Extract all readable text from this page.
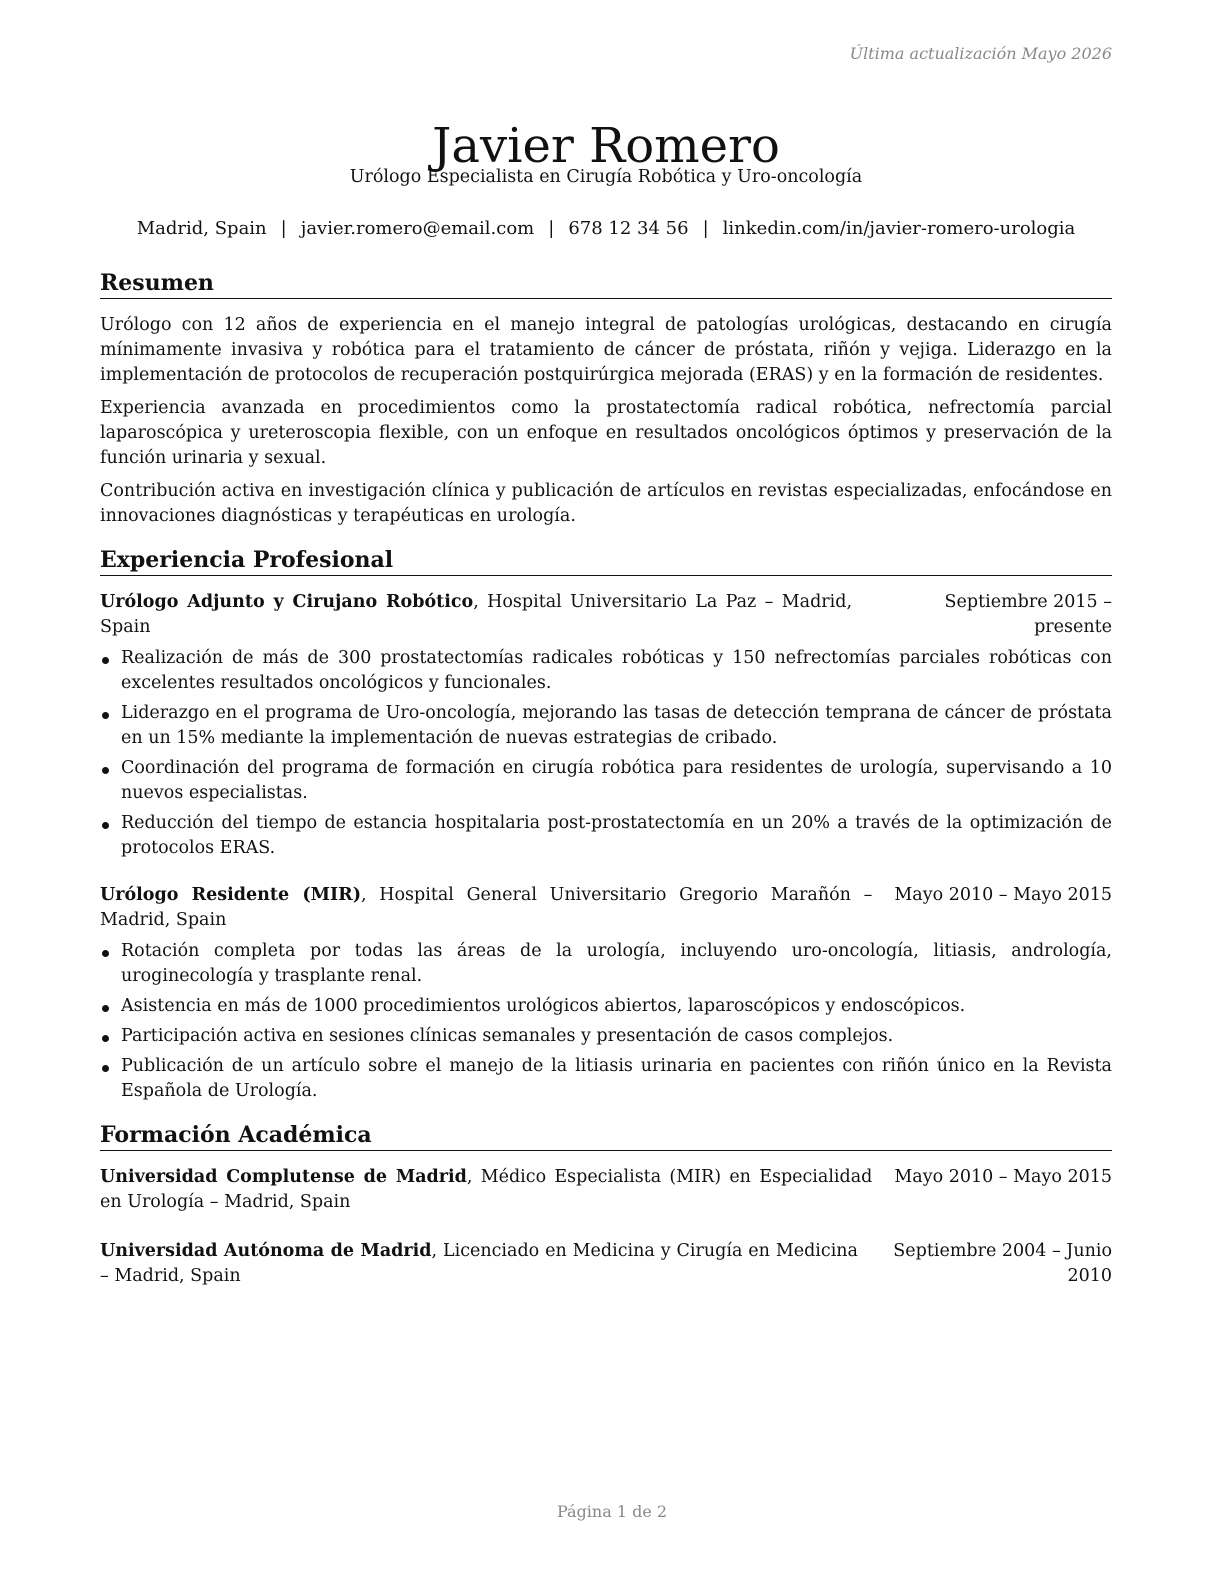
Última actualización Mayo 2026
Javier Romero
Urólogo Especialista en Cirugía Robótica y Uro-oncología
Madrid, Spain | javier.romero@email.com | 678 12 34 56 | linkedin.com/in/javier-romero-urologia
Resumen

Urólogo con 12 años de experiencia en el manejo integral de patologías urológicas, destacando en cirugía mínimamente invasiva y robótica para el tratamiento de cáncer de próstata, riñón y vejiga. Liderazgo en la implementación de protocolos de recuperación postquirúrgica mejorada (ERAS) y en la formación de residentes.

Experiencia avanzada en procedimientos como la prostatectomía radical robótica, nefrectomía parcial laparoscópica y ureteroscopia flexible, con un enfoque en resultados oncológicos óptimos y preservación de la función urinaria y sexual.

Contribución activa en investigación clínica y publicación de artículos en revistas especializadas, enfocándose en innovaciones diagnósticas y terapéuticas en urología.

Experiencia Profesional
Urólogo Adjunto y Cirujano Robótico, Hospital Universitario La Paz – Madrid, Spain
Septiembre 2015 – presente
Realización de más de 300 prostatectomías radicales robóticas y 150 nefrectomías parciales robóticas con excelentes resultados oncológicos y funcionales.
Liderazgo en el programa de Uro-oncología, mejorando las tasas de detección temprana de cáncer de próstata en un 15% mediante la implementación de nuevas estrategias de cribado.
Coordinación del programa de formación en cirugía robótica para residentes de urología, supervisando a 10 nuevos especialistas.
Reducción del tiempo de estancia hospitalaria post-prostatectomía en un 20% a través de la optimización de protocolos ERAS.
Urólogo Residente (MIR), Hospital General Universitario Gregorio Marañón – Madrid, Spain
Mayo 2010 – Mayo 2015
Rotación completa por todas las áreas de la urología, incluyendo uro-oncología, litiasis, andrología, uroginecología y trasplante renal.
Asistencia en más de 1000 procedimientos urológicos abiertos, laparoscópicos y endoscópicos.
Participación activa en sesiones clínicas semanales y presentación de casos complejos.
Publicación de un artículo sobre el manejo de la litiasis urinaria en pacientes con riñón único en la Revista Española de Urología.
Formación Académica
Universidad Complutense de Madrid, Médico Especialista (MIR) en Especialidad en Urología – Madrid, Spain
Mayo 2010 – Mayo 2015
Universidad Autónoma de Madrid, Licenciado en Medicina y Cirugía en Medicina – Madrid, Spain
Septiembre 2004 – Junio 2010
Página 1 de 2
